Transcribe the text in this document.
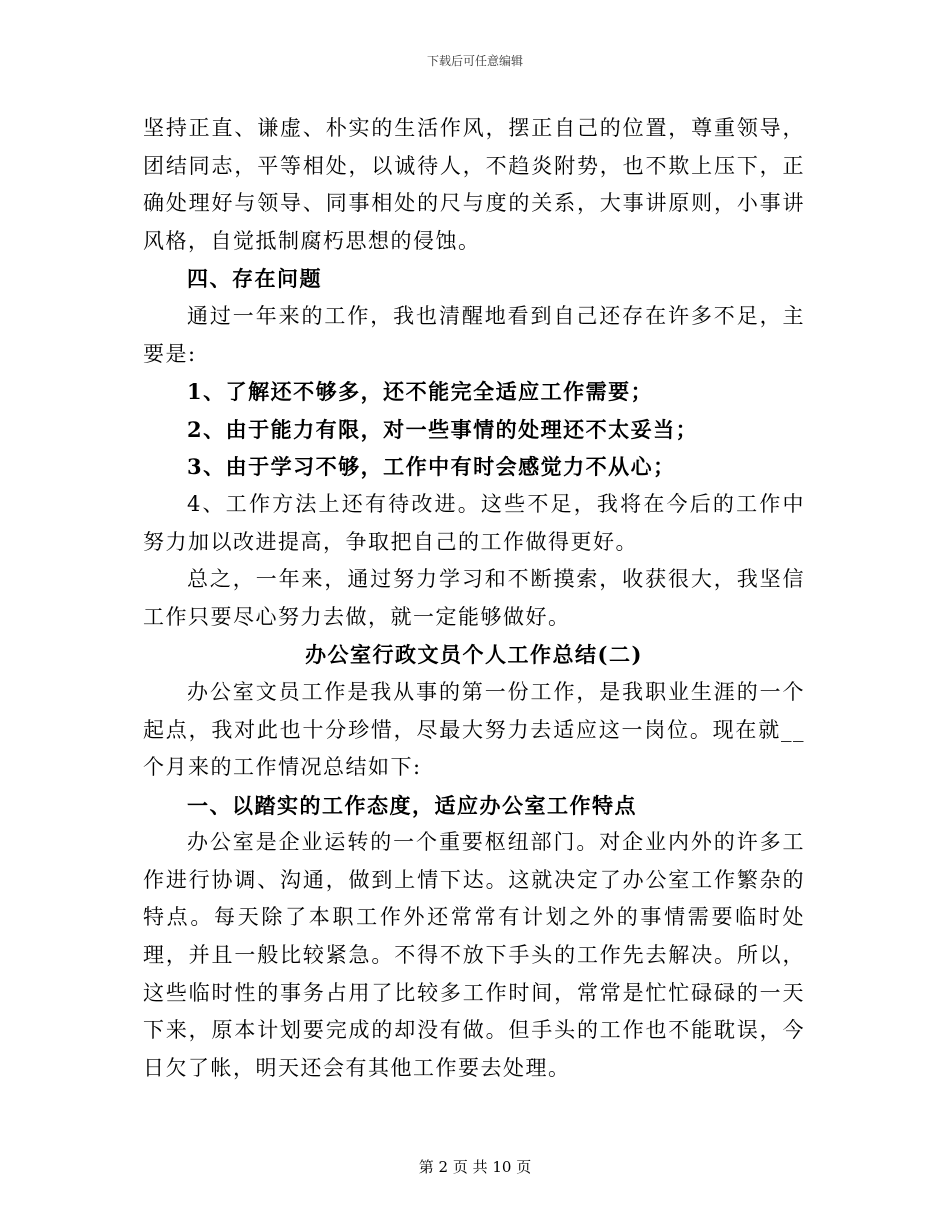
下载后可任意编辑

坚持正直、谦虚、朴实的生活作风，摆正自己的位置，尊重领导，团结同志，平等相处，以诚待人，不趋炎附势，也不欺上压下，正确处理好与领导、同事相处的尺与度的关系，大事讲原则，小事讲风格，自觉抵制腐朽思想的侵蚀。

四、存在问题

通过一年来的工作，我也清醒地看到自己还存在许多不足，主要是:

1、了解还不够多，还不能完全适应工作需要；

2、由于能力有限，对一些事情的处理还不太妥当；

3、由于学习不够，工作中有时会感觉力不从心；

4、工作方法上还有待改进。这些不足，我将在今后的工作中努力加以改进提高，争取把自己的工作做得更好。

总之，一年来，通过努力学习和不断摸索，收获很大，我坚信工作只要尽心努力去做，就一定能够做好。

办公室行政文员个人工作总结(二)

办公室文员工作是我从事的第一份工作，是我职业生涯的一个起点，我对此也十分珍惜，尽最大努力去适应这一岗位。现在就__个月来的工作情况总结如下:

一、以踏实的工作态度，适应办公室工作特点

办公室是企业运转的一个重要枢纽部门。对企业内外的许多工作进行协调、沟通，做到上情下达。这就决定了办公室工作繁杂的特点。每天除了本职工作外还常常有计划之外的事情需要临时处理，并且一般比较紧急。不得不放下手头的工作先去解决。所以，这些临时性的事务占用了比较多工作时间，常常是忙忙碌碌的一天下来，原本计划要完成的却没有做。但手头的工作也不能耽误，今日欠了帐，明天还会有其他工作要去处理。

第 2 页 共 10 页
